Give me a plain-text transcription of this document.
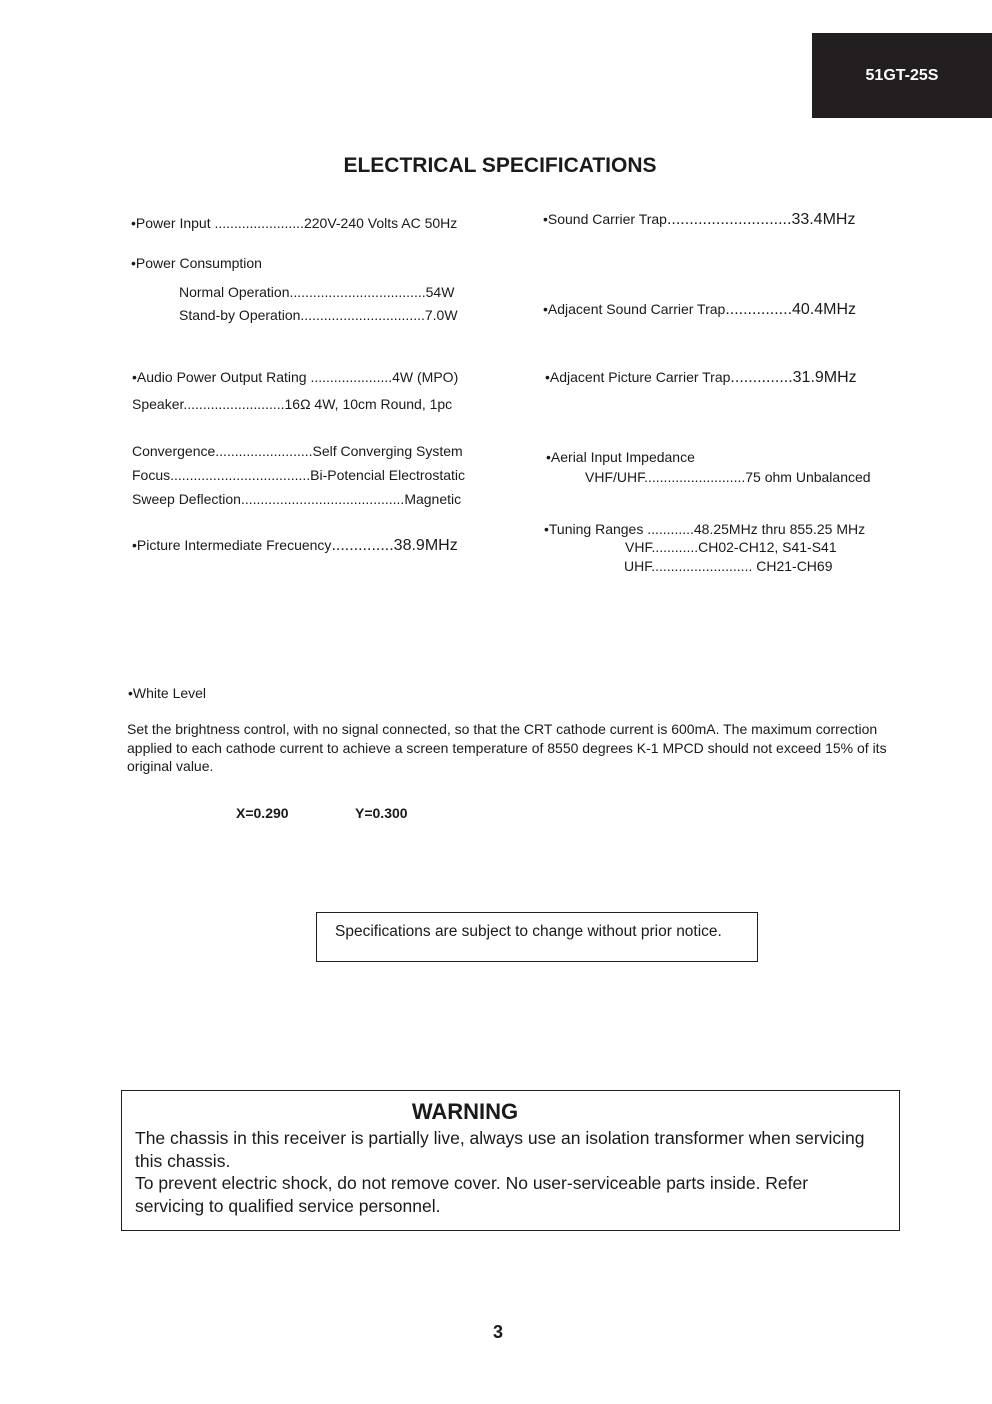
51GT-25S
ELECTRICAL SPECIFICATIONS
•Power Input .......................220V-240 Volts AC 50Hz
•Power Consumption
Normal Operation...................................54W
Stand-by Operation................................7.0W
•Audio Power Output Rating .....................4W (MPO)
Speaker..........................16Ω 4W, 10cm Round, 1pc
Convergence.........................Self Converging System
Focus....................................Bi-Potencial Electrostatic
Sweep Deflection..........................................Magnetic
•Picture Intermediate Frecuency..............38.9MHz
•Sound Carrier Trap............................33.4MHz
•Adjacent Sound Carrier Trap...............40.4MHz
•Adjacent Picture Carrier Trap..............31.9MHz
•Aerial Input Impedance
VHF/UHF..........................75 ohm Unbalanced
•Tuning Ranges ............48.25MHz thru 855.25 MHz
VHF............CH02-CH12, S41-S41
UHF.......................... CH21-CH69
•White Level
Set the brightness control, with no signal connected, so that the CRT cathode current is 600mA. The maximum correction applied to each cathode current to achieve a screen temperature of 8550 degrees K-1 MPCD should not exceed 15% of its original value.
X=0.290	Y=0.300
Specifications are subject to change without prior notice.
WARNING
The chassis in this receiver is partially live, always use an isolation transformer when servicing this chassis.
To prevent electric shock, do not remove cover. No user-serviceable parts inside. Refer servicing to qualified service personnel.
3
